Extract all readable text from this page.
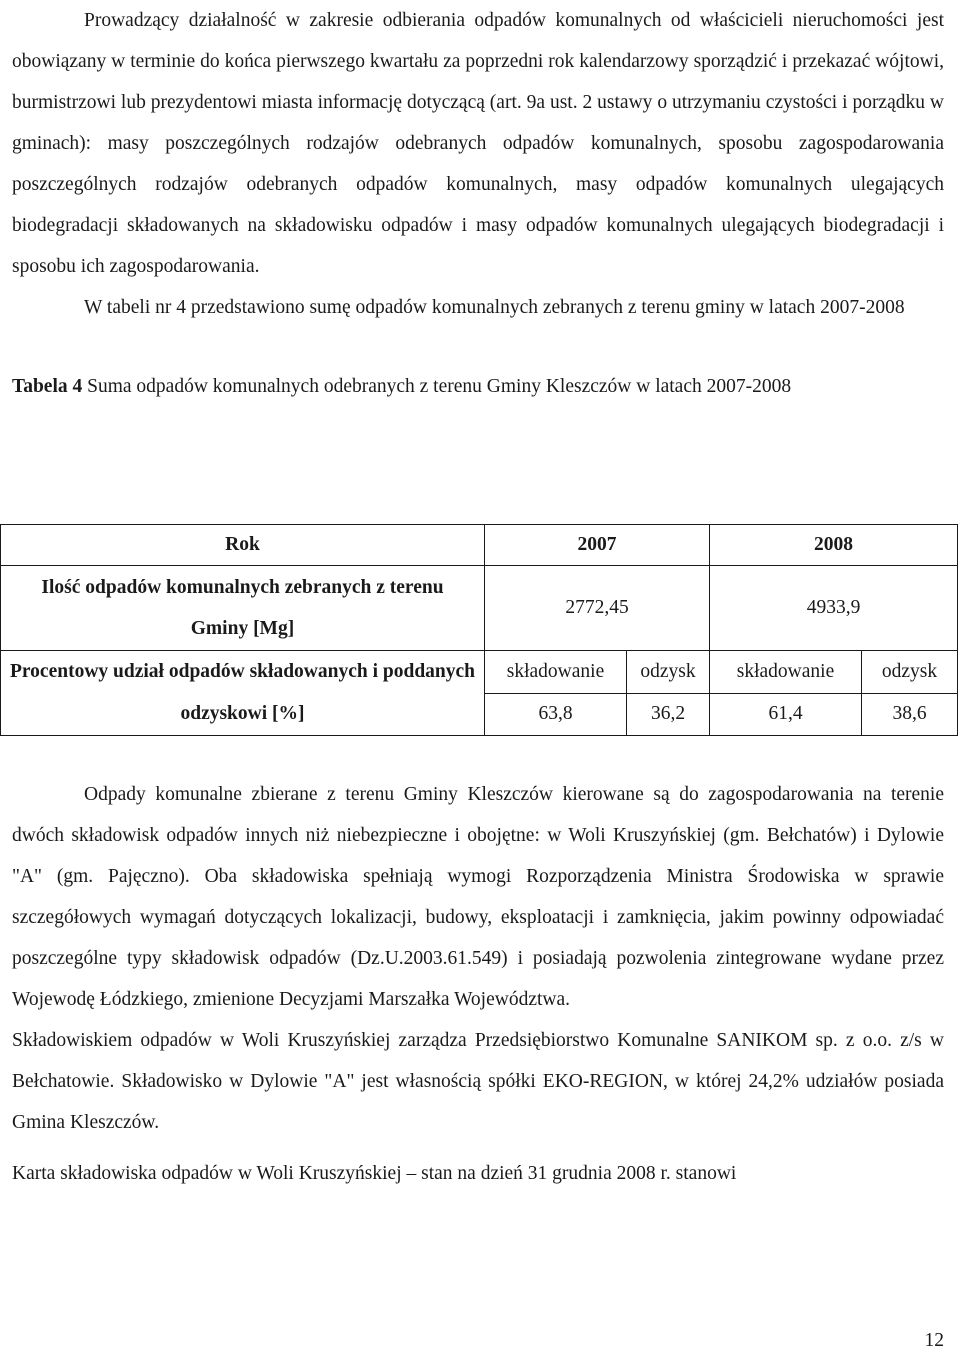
Prowadzący działalność w zakresie odbierania odpadów komunalnych od właścicieli nieruchomości jest obowiązany w terminie do końca pierwszego kwartału za poprzedni rok kalendarzowy sporządzić i przekazać wójtowi, burmistrzowi lub prezydentowi miasta informację dotyczącą (art. 9a ust. 2 ustawy o utrzymaniu czystości i porządku w gminach): masy poszczególnych rodzajów odebranych odpadów komunalnych, sposobu zagospodarowania poszczególnych rodzajów odebranych odpadów komunalnych, masy odpadów komunalnych ulegających biodegradacji składowanych na składowisku odpadów i masy odpadów komunalnych ulegających biodegradacji i sposobu ich zagospodarowania.

W tabeli nr 4 przedstawiono sumę odpadów komunalnych zebranych z terenu gminy w latach 2007-2008

Tabela 4 Suma odpadów komunalnych odebranych z terenu Gminy Kleszczów w latach 2007-2008

Rok	2007		2008	
Ilość odpadów komunalnych zebranych z terenu Gminy [Mg]	2772,45		4933,9	
Procentowy udział odpadów składowanych i poddanych odzyskowi [%]	składowanie	odzysk	składowanie	odzysk
	63,8	36,2	61,4	38,6

Odpady komunalne zbierane z terenu Gminy Kleszczów kierowane są do zagospodarowania na terenie dwóch składowisk odpadów innych niż niebezpieczne i obojętne: w Woli Kruszyńskiej (gm. Bełchatów) i Dylowie "A" (gm. Pajęczno). Oba składowiska spełniają wymogi Rozporządzenia Ministra Środowiska w sprawie szczegółowych wymagań dotyczących lokalizacji, budowy, eksploatacji i zamknięcia, jakim powinny odpowiadać poszczególne typy składowisk odpadów (Dz.U.2003.61.549) i posiadają pozwolenia zintegrowane wydane przez Wojewodę Łódzkiego, zmienione Decyzjami Marszałka Województwa.

Składowiskiem odpadów w Woli Kruszyńskiej zarządza Przedsiębiorstwo Komunalne SANIKOM sp. z o.o. z/s w Bełchatowie. Składowisko w Dylowie "A" jest własnością spółki EKO-REGION, w której 24,2% udziałów posiada Gmina Kleszczów.

Karta składowiska odpadów w Woli Kruszyńskiej – stan na dzień 31 grudnia 2008 r. stanowi

12
